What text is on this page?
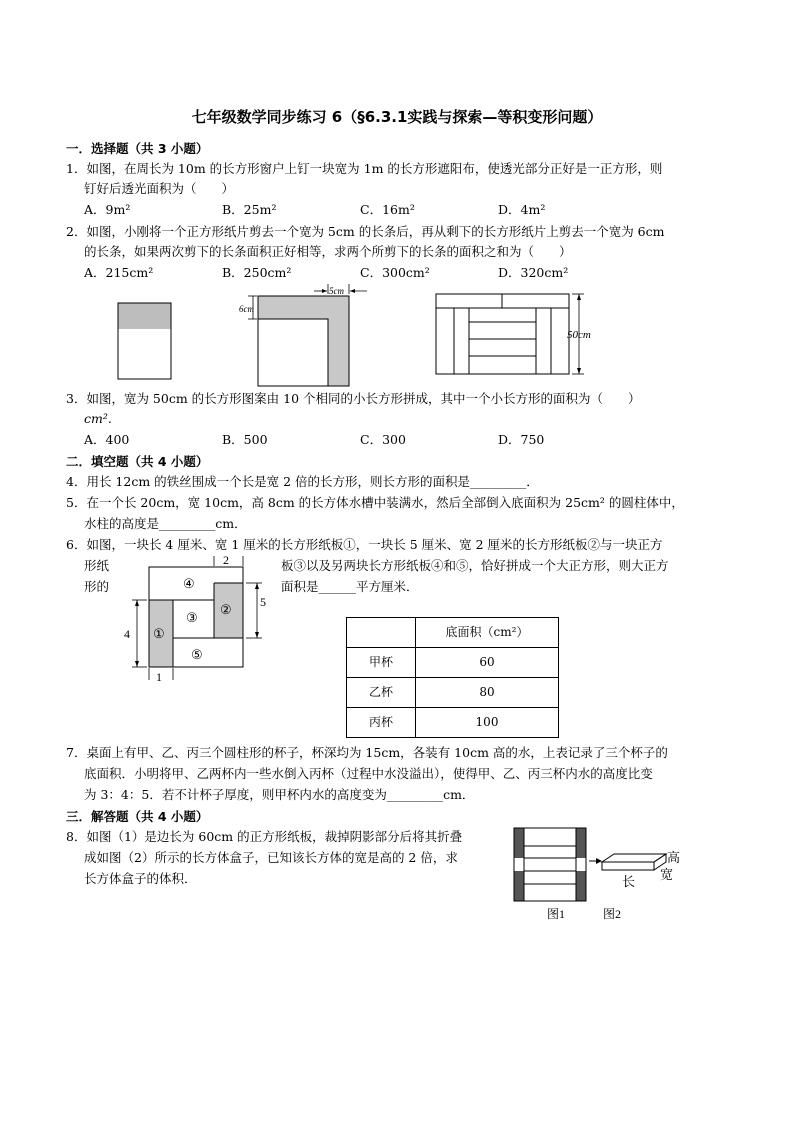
七年级数学同步练习 6（§6.3.1实践与探索—等积变形问题）
一．选择题（共 3 小题）
1．如图，在周长为 10m 的长方形窗户上钉一块宽为 1m 的长方形遮阳布，使透光部分正好是一正方形，则
钉好后透光面积为（　　）
A．9m²	B．25m²	C．16m²	D．4m²
2．如图，小刚将一个正方形纸片剪去一个宽为 5cm 的长条后，再从剩下的长方形纸片上剪去一个宽为 6cm
的长条，如果两次剪下的长条面积正好相等，求两个所剪下的长条的面积之和为（　　）
A．215cm²	B．250cm²	C．300cm²	D．320cm²
5cm
6cm
50cm
3．如图，宽为 50cm 的长方形图案由 10 个相同的小长方形拼成，其中一个小长方形的面积为（　　）
cm².
A．400	B．500	C．300	D．750
二．填空题（共 4 小题）
4．用长 12cm 的铁丝围成一个长是宽 2 倍的长方形，则长方形的面积是_________．
5．在一个长 20cm，宽 10cm，高 8cm 的长方体水槽中装满水，然后全部倒入底面积为 25cm² 的圆柱体中，
水柱的高度是_________cm．
6．如图，一块长 4 厘米、宽 1 厘米的长方形纸板①，一块长 5 厘米、宽 2 厘米的长方形纸板②与一块正方
形纸
形的
板③以及另两块长方形纸板④和⑤，恰好拼成一个大正方形，则大正方
面积是______平方厘米．
2
5
4
1
④
③
②
①
⑤
	底面积（cm²）
甲杯	60
乙杯	80
丙杯	100
7．桌面上有甲、乙、丙三个圆柱形的杯子，杯深均为 15cm，各装有 10cm 高的水，上表记录了三个杯子的
底面积．小明将甲、乙两杯内一些水倒入丙杯（过程中水没溢出），使得甲、乙、丙三杯内水的高度比变
为 3：4：5．若不计杯子厚度，则甲杯内水的高度变为_________cm．
三．解答题（共 4 小题）
8．如图（1）是边长为 60cm 的正方形纸板，裁掉阴影部分后将其折叠
成如图（2）所示的长方体盒子，已知该长方体的宽是高的 2 倍，求
长方体盒子的体积．
高
宽
长
图1	图2
